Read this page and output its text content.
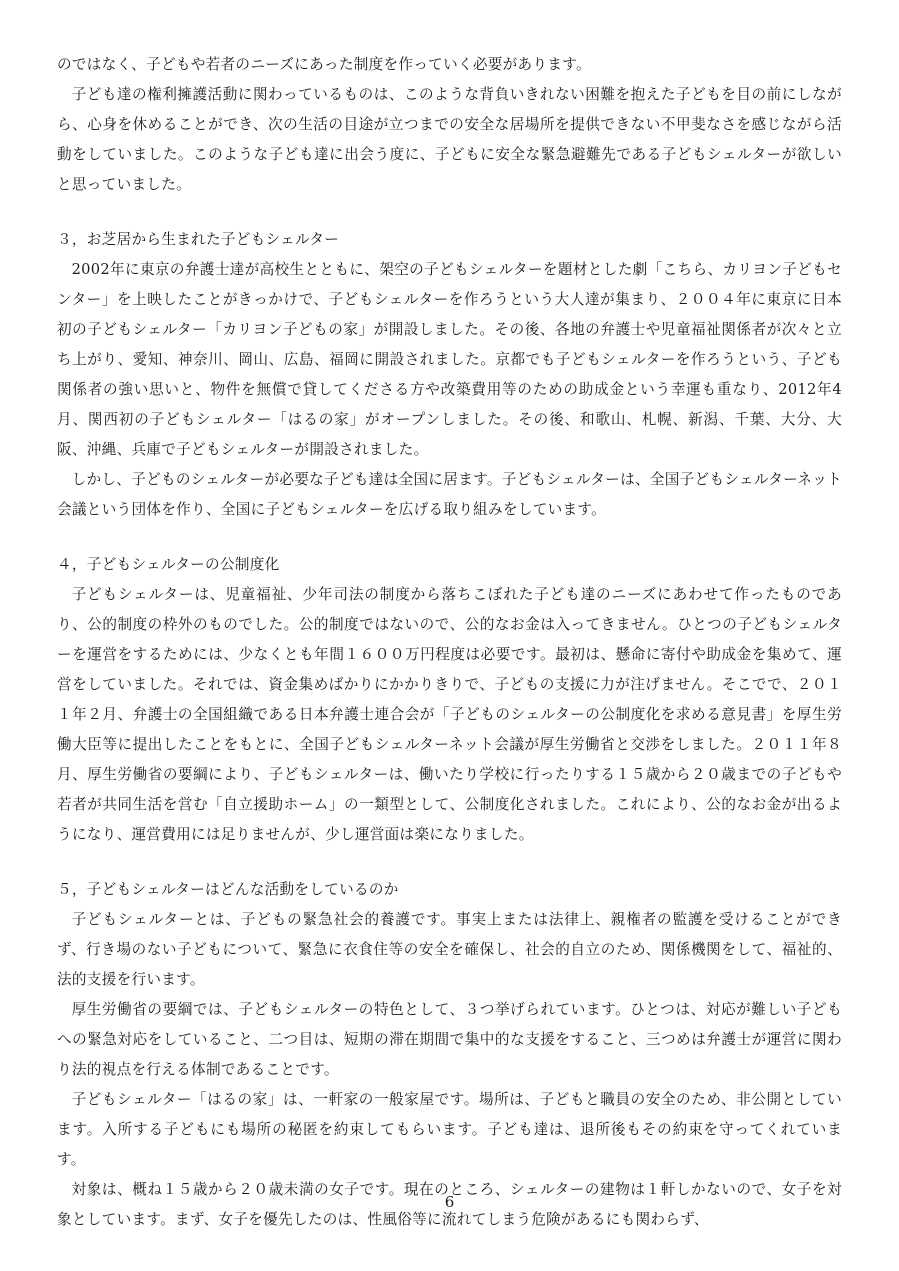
のではなく、子どもや若者のニーズにあった制度を作っていく必要があります。

子ども達の権利擁護活動に関わっているものは、このような背負いきれない困難を抱えた子どもを目の前にしながら、心身を休めることができ、次の生活の目途が立つまでの安全な居場所を提供できない不甲斐なさを感じながら活動をしていました。このような子ども達に出会う度に、子どもに安全な緊急避難先である子どもシェルターが欲しいと思っていました。

３，お芝居から生まれた子どもシェルター

2002年に東京の弁護士達が高校生とともに、架空の子どもシェルターを題材とした劇「こちら、カリヨン子どもセンター」を上映したことがきっかけで、子どもシェルターを作ろうという大人達が集まり、２００４年に東京に日本初の子どもシェルター「カリヨン子どもの家」が開設しました。その後、各地の弁護士や児童福祉関係者が次々と立ち上がり、愛知、神奈川、岡山、広島、福岡に開設されました。京都でも子どもシェルターを作ろうという、子ども関係者の強い思いと、物件を無償で貸してくださる方や改築費用等のための助成金という幸運も重なり、2012年4月、関西初の子どもシェルター「はるの家」がオープンしました。その後、和歌山、札幌、新潟、千葉、大分、大阪、沖縄、兵庫で子どもシェルターが開設されました。

しかし、子どものシェルターが必要な子ども達は全国に居ます。子どもシェルターは、全国子どもシェルターネット会議という団体を作り、全国に子どもシェルターを広げる取り組みをしています。

４，子どもシェルターの公制度化

子どもシェルターは、児童福祉、少年司法の制度から落ちこぼれた子ども達のニーズにあわせて作ったものであり、公的制度の枠外のものでした。公的制度ではないので、公的なお金は入ってきません。ひとつの子どもシェルターを運営をするためには、少なくとも年間１６００万円程度は必要です。最初は、懸命に寄付や助成金を集めて、運営をしていました。それでは、資金集めばかりにかかりきりで、子どもの支援に力が注げません。そこでで、２０１１年２月、弁護士の全国組織である日本弁護士連合会が「子どものシェルターの公制度化を求める意見書」を厚生労働大臣等に提出したことをもとに、全国子どもシェルターネット会議が厚生労働省と交渉をしました。２０１１年８月、厚生労働省の要綱により、子どもシェルターは、働いたり学校に行ったりする１５歳から２０歳までの子どもや若者が共同生活を営む「自立援助ホーム」の一類型として、公制度化されました。これにより、公的なお金が出るようになり、運営費用には足りませんが、少し運営面は楽になりました。

５，子どもシェルターはどんな活動をしているのか

子どもシェルターとは、子どもの緊急社会的養護です。事実上または法律上、親権者の監護を受けることができず、行き場のない子どもについて、緊急に衣食住等の安全を確保し、社会的自立のため、関係機関をして、福祉的、法的支援を行います。

厚生労働省の要綱では、子どもシェルターの特色として、３つ挙げられています。ひとつは、対応が難しい子どもへの緊急対応をしていること、二つ目は、短期の滞在期間で集中的な支援をすること、三つめは弁護士が運営に関わり法的視点を行える体制であることです。

子どもシェルター「はるの家」は、一軒家の一般家屋です。場所は、子どもと職員の安全のため、非公開としています。入所する子どもにも場所の秘匿を約束してもらいます。子ども達は、退所後もその約束を守ってくれています。

対象は、概ね１５歳から２０歳未満の女子です。現在のところ、シェルターの建物は１軒しかないので、女子を対象としています。まず、女子を優先したのは、性風俗等に流れてしまう危険があるにも関わらず、

6
